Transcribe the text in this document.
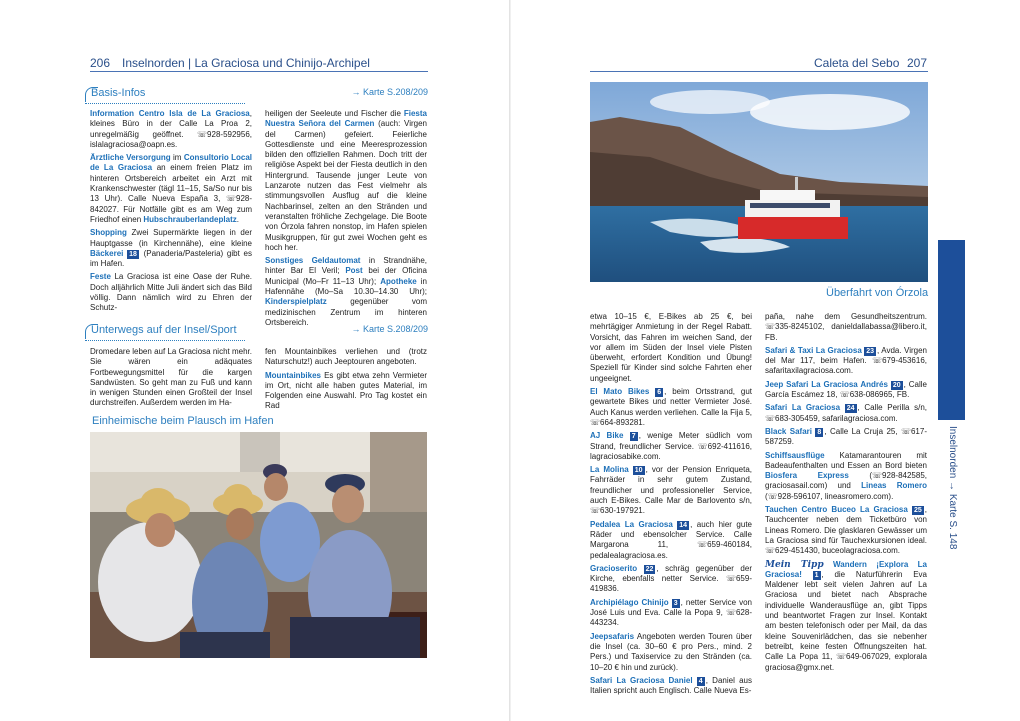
206 Inselnorden | La Graciosa und Chinijo-Archipel
Basis-Infos	→ Karte S.208/209

Information Centro Isla de La Graciosa, kleines Büro in der Calle La Proa 2, unregelmäßig geöffnet. ☏928-592956, islalagraciosa@oapn.es.

Ärztliche Versorgung im Consultorio Local de La Graciosa an einem freien Platz im hinteren Ortsbereich arbeitet ein Arzt mit Krankenschwester (tägl 11–15, Sa/So nur bis 13 Uhr). Calle Nueva España 3, ☏928-842027. Für Notfälle gibt es am Weg zum Friedhof einen Hubschrauberlandeplatz.

Shopping Zwei Supermärkte liegen in der Hauptgasse (in Kirchennähe), eine kleine Bäckerei 18 (Panaderia/Pasteleria) gibt es im Hafen.

Feste La Graciosa ist eine Oase der Ruhe. Doch alljährlich Mitte Juli ändert sich das Bild völlig. Dann nämlich wird zu Ehren der Schutz-

heiligen der Seeleute und Fischer die Fiesta Nuestra Señora del Carmen (auch: Virgen del Carmen) gefeiert. Feierliche Gottesdienste und eine Meeresprozession bilden den offiziellen Rahmen. Doch tritt der religiöse Aspekt bei der Fiesta deutlich in den Hintergrund. Tausende junger Leute von Lanzarote nutzen das Fest vielmehr als stimmungsvollen Ausflug auf die kleine Nachbarinsel, zelten an den Stränden und veranstalten fröhliche Zechgelage. Die Boote von Órzola fahren nonstop, im Hafen spielen Musikgruppen, für gut zwei Wochen geht es hoch her.

Sonstiges Geldautomat in Strandnähe, hinter Bar El Veril; Post bei der Oficina Municipal (Mo–Fr 11–13 Uhr); Apotheke in Hafennähe (Mo–Sa 10.30–14.30 Uhr); Kinderspielplatz gegenüber vom medizinischen Zentrum im hinteren Ortsbereich.

Unterwegs auf der Insel/Sport	→ Karte S.208/209

Dromedare leben auf La Graciosa nicht mehr. Sie wären ein adäquates Fortbewegungsmittel für die kargen Sandwüsten. So geht man zu Fuß und kann in wenigen Stunden einen Großteil der Insel durchstreifen. Außerdem werden im Ha-

fen Mountainbikes verliehen und (trotz Naturschutz!) auch Jeeptouren angeboten.

Mountainbikes Es gibt etwa zehn Vermieter im Ort, nicht alle haben gutes Material, im Folgenden eine Auswahl. Pro Tag kostet ein Rad

Einheimische beim Plausch im Hafen
Caleta del Sebo 207
Überfahrt von Órzola

etwa 10–15 €, E-Bikes ab 25 €, bei mehrtägiger Anmietung in der Regel Rabatt. Vorsicht, das Fahren im weichen Sand, der vor allem im Süden der Insel viele Pisten überweht, erfordert Kondition und Übung! Speziell für Kinder sind solche Fahrten eher ungeeignet.

El Mato Bikes 6 , beim Ortsstrand, gut gewartete Bikes und netter Vermieter José. Auch Kanus werden verliehen. Calle la Fija 5, ☏664-893281.

AJ Bike 7 , wenige Meter südlich vom Strand, freundlicher Service. ☏692-411616, lagraciosabike.com.

La Molina 10 , vor der Pension Enriqueta, Fahrräder in sehr gutem Zustand, freundlicher und professioneller Service, auch E-Bikes. Calle Mar de Barlovento s/n, ☏630-197921.

Pedalea La Graciosa 14 , auch hier gute Räder und ebensolcher Service. Calle Margarona 11, ☏659-460184, pedalealagraciosa.es.

Gracioserito 22 , schräg gegenüber der Kirche, ebenfalls netter Service. ☏659-419836.

Archipiélago Chinijo 3 , netter Service von José Luis und Eva. Calle la Popa 9, ☏628-443234.

Jeepsafaris Angeboten werden Touren über die Insel (ca. 30–60 € pro Pers., mind. 2 Pers.) und Taxiservice zu den Stränden (ca. 10–20 € hin und zurück).

Safari La Graciosa Daniel 4 , Daniel aus Italien spricht auch Englisch. Calle Nueva Es-

paña, nahe dem Gesundheitszentrum. ☏335-8245102, danieldallabassa@libero.it, FB.

Safari & Taxi La Graciosa 23 , Avda. Virgen del Mar 117, beim Hafen. ☏679-453616, safaritaxilagraciosa.com.

Jeep Safari La Graciosa Andrés 20 , Calle García Escámez 18, ☏638-086965, FB.

Safari La Graciosa 24 , Calle Perilla s/n, ☏683-305459, safarilagraciosa.com.

Black Safari 8 , Calle La Cruja 25, ☏617-587259.

Schiffsausflüge Katamarantouren mit Badeaufenthalten und Essen an Bord bieten Biosfera Express (☏928-842585, graciosasail.com) und Lineas Romero (☏928-596107, lineasromero.com).

Tauchen Centro Buceo La Graciosa 25 , Tauchcenter neben dem Ticketbüro von Lineas Romero. Die glasklaren Gewässer um La Graciosa sind für Tauchexkursionen ideal. ☏629-451430, buceolagraciosa.com.

Mein Tipp Wandern ¡Explora La Graciosa! 1 , die Naturführerin Eva Maldener lebt seit vielen Jahren auf La Graciosa und bietet nach Absprache individuelle Wanderausflüge an, gibt Tipps und beantwortet Fragen zur Insel. Kontakt am besten telefonisch oder per Mail, da das kleine Souvenirlädchen, das sie nebenher betreibt, keine festen Öffnungszeiten hat. Calle La Popa 11, ☏649-067029, explorala graciosa@gmx.net.

Inselnorden → Karte S. 148
